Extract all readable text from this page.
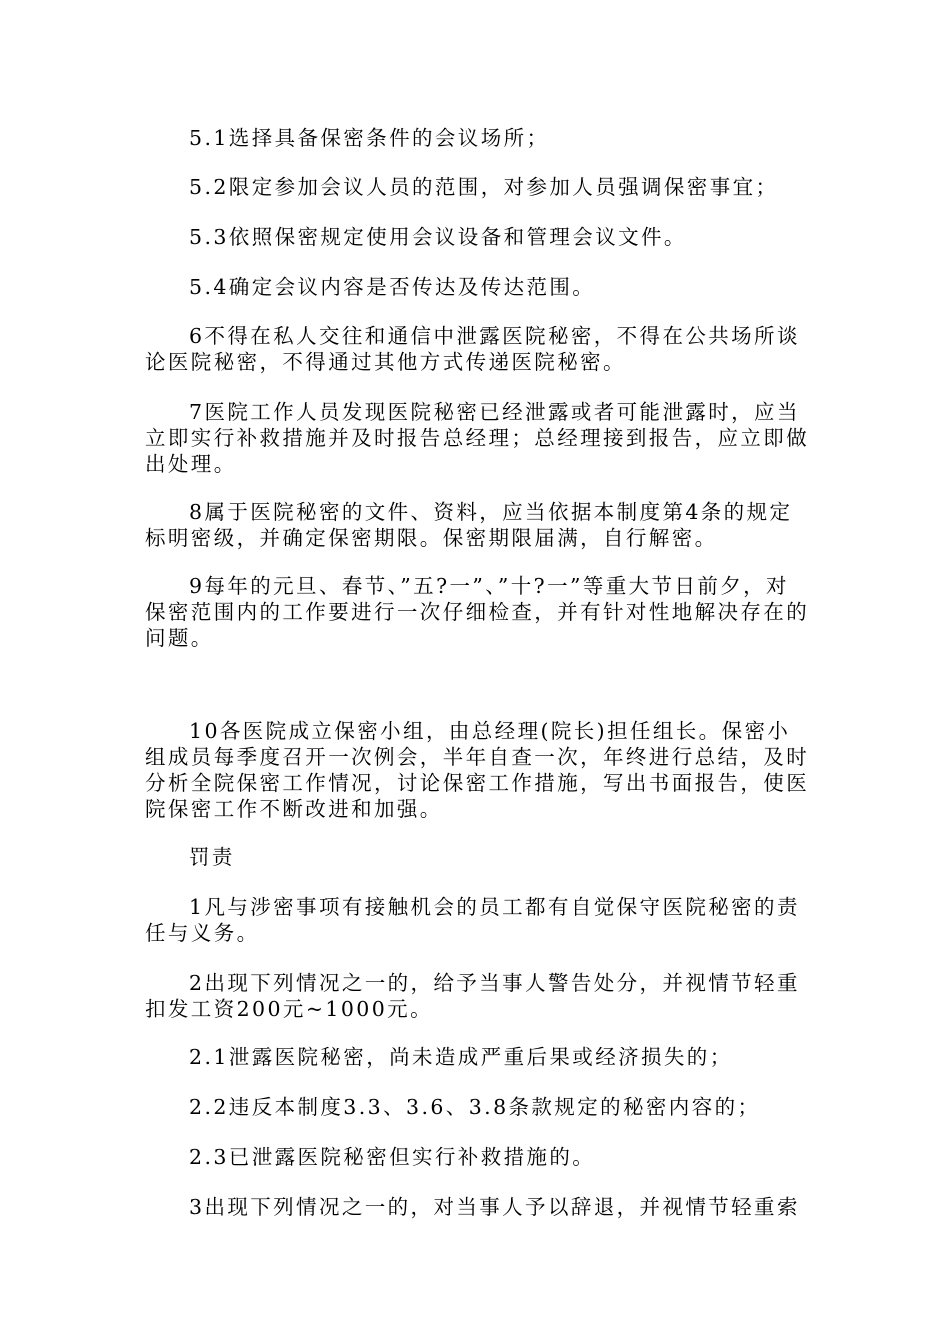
5.1选择具备保密条件的会议场所；

5.2限定参加会议人员的范围，对参加人员强调保密事宜；

5.3依照保密规定使用会议设备和管理会议文件。

5.4确定会议内容是否传达及传达范围。

6不得在私人交往和通信中泄露医院秘密，不得在公共场所谈论医院秘密，不得通过其他方式传递医院秘密。

7医院工作人员发现医院秘密已经泄露或者可能泄露时，应当立即实行补救措施并及时报告总经理；总经理接到报告，应立即做出处理。

8属于医院秘密的文件、资料，应当依据本制度第4条的规定标明密级，并确定保密期限。保密期限届满，自行解密。

9每年的元旦、春节、”五?一”、”十?一”等重大节日前夕，对保密范围内的工作要进行一次仔细检查，并有针对性地解决存在的问题。

10各医院成立保密小组，由总经理(院长)担任组长。保密小组成员每季度召开一次例会，半年自查一次，年终进行总结，及时分析全院保密工作情况，讨论保密工作措施，写出书面报告，使医院保密工作不断改进和加强。

罚责

1凡与涉密事项有接触机会的员工都有自觉保守医院秘密的责任与义务。

2出现下列情况之一的，给予当事人警告处分，并视情节轻重扣发工资200元~1000元。

2.1泄露医院秘密，尚未造成严重后果或经济损失的；

2.2违反本制度3.3、3.6、3.8条款规定的秘密内容的；

2.3已泄露医院秘密但实行补救措施的。

3出现下列情况之一的，对当事人予以辞退，并视情节轻重索
